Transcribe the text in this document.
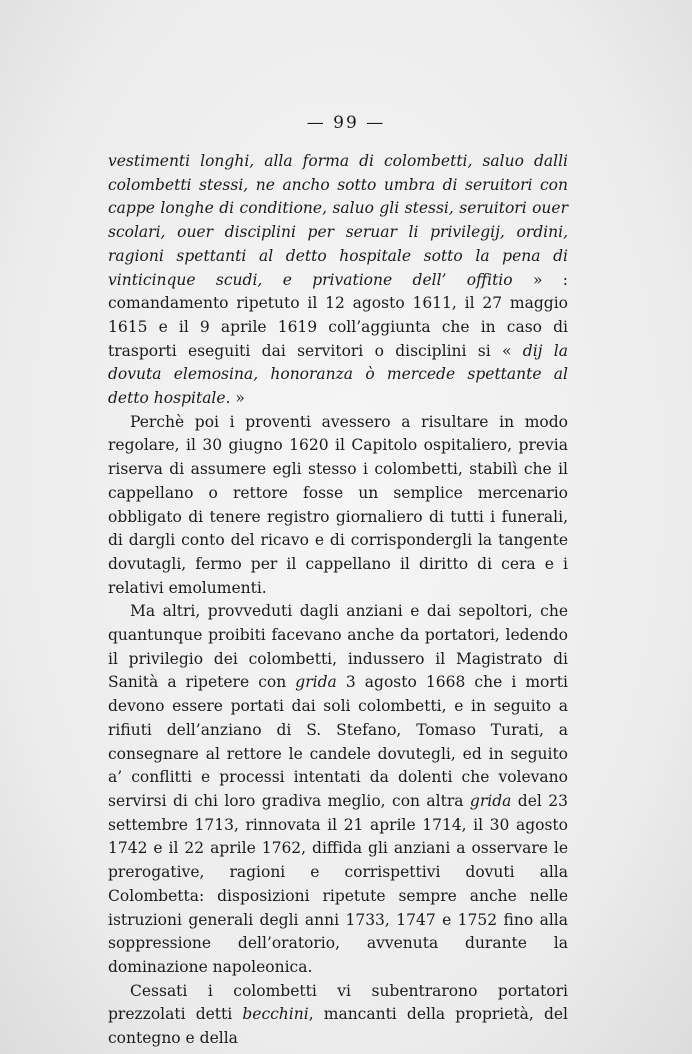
— 99 —

vestimenti longhi, alla forma di colombetti, saluo dalli colombetti stessi, ne ancho sotto umbra di seruitori con cappe longhe di conditione, saluo gli stessi, seruitori ouer scolari, ouer disciplini per seruar li privilegij, ordini, ragioni spettanti al detto hospitale sotto la pena di vinticinque scudi, e privatione dell’ offitio » : comandamento ripetuto il 12 agosto 1611, il 27 maggio 1615 e il 9 aprile 1619 coll’aggiunta che in caso di trasporti eseguiti dai servitori o disciplini si « dij la dovuta elemosina, honoranza ò mercede spettante al detto hospitale. »

Perchè poi i proventi avessero a risultare in modo regolare, il 30 giugno 1620 il Capitolo ospitaliero, previa riserva di assumere egli stesso i colombetti, stabilì che il cappellano o rettore fosse un semplice mercenario obbligato di tenere registro giornaliero di tutti i funerali, di dargli conto del ricavo e di corrispondergli la tangente dovutagli, fermo per il cappellano il diritto di cera e i relativi emolumenti.

Ma altri, provveduti dagli anziani e dai sepoltori, che quantunque proibiti facevano anche da portatori, ledendo il privilegio dei colombetti, indussero il Magistrato di Sanità a ripetere con grida 3 agosto 1668 che i morti devono essere portati dai soli colombetti, e in seguito a rifiuti dell’anziano di S. Stefano, Tomaso Turati, a consegnare al rettore le candele dovutegli, ed in seguito a’ conflitti e processi intentati da dolenti che volevano servirsi di chi loro gradiva meglio, con altra grida del 23 settembre 1713, rinnovata il 21 aprile 1714, il 30 agosto 1742 e il 22 aprile 1762, diffida gli anziani a osservare le prerogative, ragioni e corrispettivi dovuti alla Colombetta: disposizioni ripetute sempre anche nelle istruzioni generali degli anni 1733, 1747 e 1752 fino alla soppressione dell’oratorio, avvenuta durante la dominazione napoleonica.

Cessati i colombetti vi subentrarono portatori prezzolati detti becchini, mancanti della proprietà, del contegno e della
